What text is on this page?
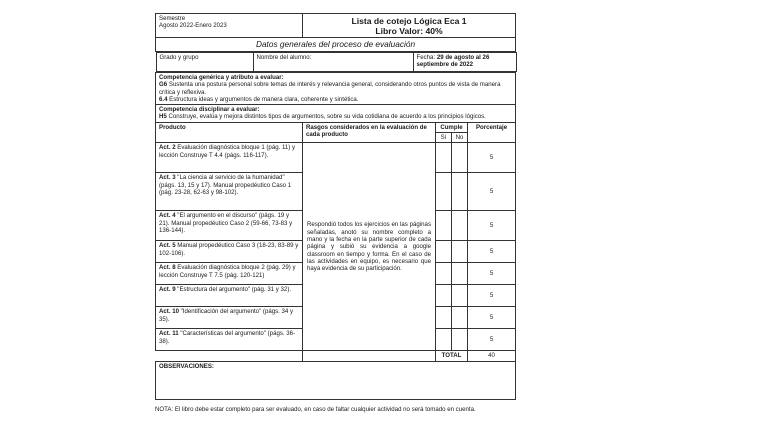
Semestre
Agosto 2022-Enero 2023

Lista de cotejo Lógica Eca 1
Libro Valor: 40%

Datos generales del proceso de evaluación

Grado y grupo	Nombre del alumno:	Fecha: 29 de agosto al 26 septiembre de 2022

Competencia genérica y atributo a evaluar:
G6 Sustenta una postura personal sobre temas de interés y relevancia general, considerando otros puntos de vista de manera crítica y reflexiva.
6.4 Estructura ideas y argumentos de manera clara, coherente y sintética.

Competencia disciplinar a evaluar:
H5 Construye, evalúa y mejora distintos tipos de argumentos, sobre su vida cotidiana de acuerdo a los principios lógicos.

Producto	Rasgos considerados en la evaluación de cada producto	Cumple	Porcentaje
Sí	No
Act. 2 Evaluación diagnóstica bloque 1 (pág. 11) y lección Construye T 4.4 (págs. 116-117).	Respondió todos los ejercicios en las páginas señaladas, anotó su nombre completo a mano y la fecha en la parte superior de cada página y subió su evidencia a google classroom en tiempo y forma. En el caso de las actividades en equipo, es necesario que haya evidencia de su participación.			5
Act. 3 "La ciencia al servicio de la humanidad" (págs. 13, 15 y 17). Manual propedéutico Caso 1 (pág. 23-28, 62-63 y 98-102).			5
Act. 4 "El argumento en el discurso" (págs. 19 y 21). Manual propedéutico Caso 2 (59-66, 73-83 y 136-144).			5
Act. 5 Manual propedéutico Caso 3 (18-23, 83-89 y 102-106).			5
Act. 8 Evaluación diagnóstica bloque 2 (pág. 29) y lección Construye T 7.5 (pág. 120-121)			5
Act. 9 "Estructura del argumento" (pág. 31 y 32).			5
Act. 10 "Identificación del argumento" (págs. 34 y 35).			5
Act. 11 "Características del argumento" (págs. 36-38).			5
		TOTAL	40
OBSERVACIONES:
NOTA: El libro debe estar completo para ser evaluado, en caso de faltar cualquier actividad no será tomado en cuenta.
